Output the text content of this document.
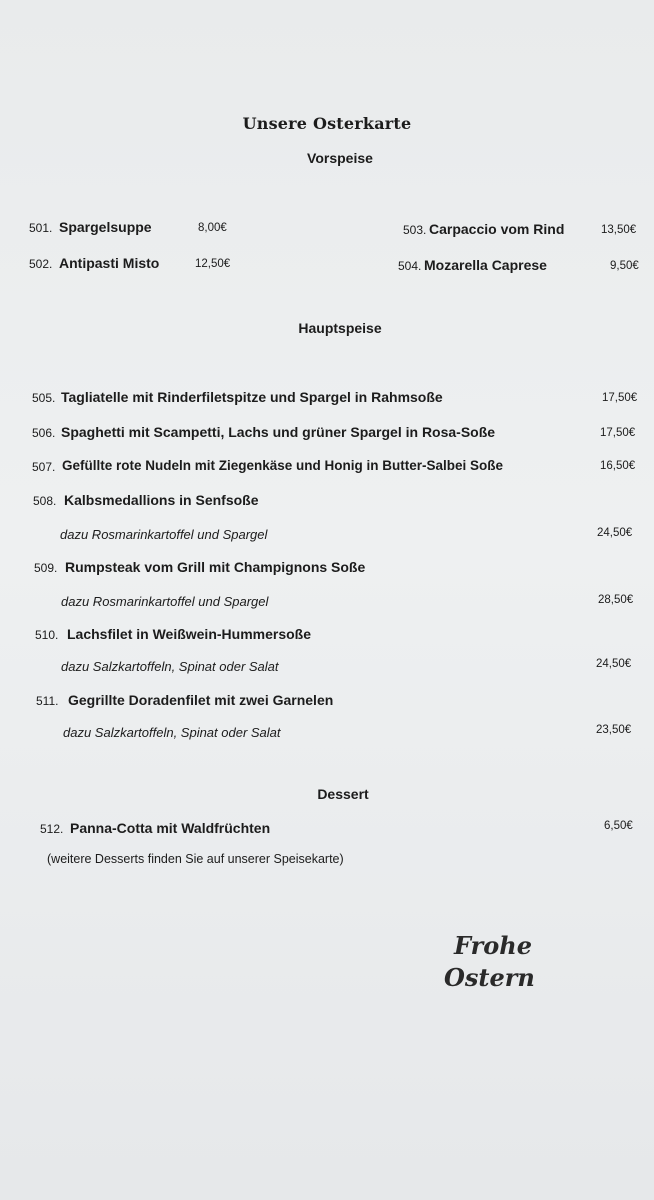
Unsere Osterkarte
Vorspeise
501. Spargelsuppe	8,00€
502. Antipasti Misto	12,50€
503. Carpaccio vom Rind	13,50€
504. Mozarella Caprese	9,50€
Hauptspeise
505. Tagliatelle mit Rinderfiletspitze und Spargel in Rahmsoße	17,50€
506. Spaghetti mit Scampetti, Lachs und grüner Spargel in Rosa-Soße	17,50€
507. Gefüllte rote Nudeln mit Ziegenkäse und Honig in Butter-Salbei Soße	16,50€
508. Kalbsmedallions in Senfsoße
dazu Rosmarinkartoffel und Spargel	24,50€
509. Rumpsteak vom Grill mit Champignons Soße
dazu Rosmarinkartoffel und Spargel	28,50€
510. Lachsfilet in Weißwein-Hummersoße
dazu Salzkartoffeln, Spinat oder Salat	24,50€
511. Gegrillte Doradenfilet mit zwei Garnelen
dazu Salzkartoffeln, Spinat oder Salat	23,50€
Dessert
512. Panna-Cotta mit Waldfrüchten	6,50€
(weitere Desserts finden Sie auf unserer Speisekarte)
Frohe
Ostern
